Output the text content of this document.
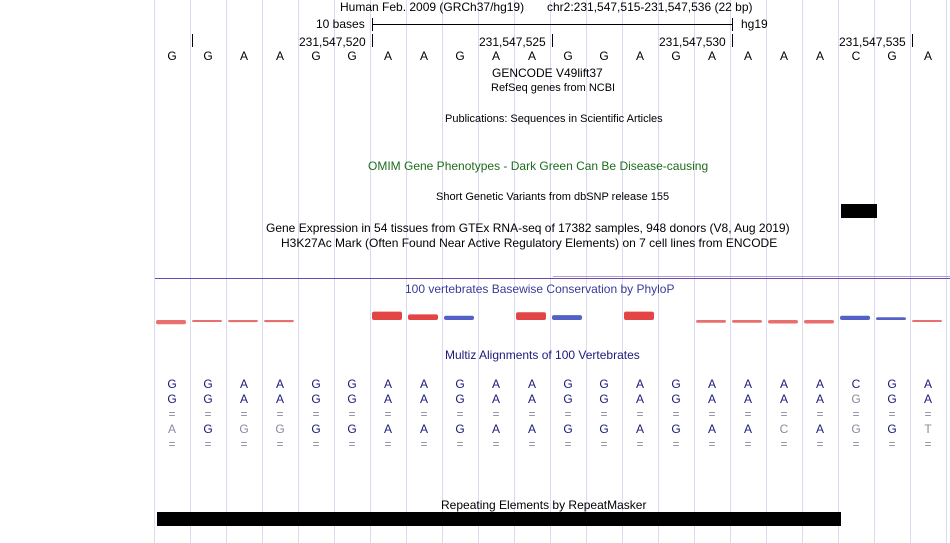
Human Feb. 2009 (GRCh37/hg19) chr2:231,547,515-231,547,536 (22 bp)
10 bases	hg19
231,547,520	231,547,525	231,547,530	231,547,535
G	G	A	A	G	G	A	A	G	A	A	G	G	A	G	A	A	A	A	C	G	A
GENCODE V49lift37
RefSeq genes from NCBI
Publications: Sequences in Scientific Articles
OMIM Gene Phenotypes - Dark Green Can Be Disease-causing
Short Genetic Variants from dbSNP release 155
Gene Expression in 54 tissues from GTEx RNA-seq of 17382 samples, 948 donors (V8, Aug 2019)
H3K27Ac Mark (Often Found Near Active Regulatory Elements) on 7 cell lines from ENCODE
100 vertebrates Basewise Conservation by PhyloP
Multiz Alignments of 100 Vertebrates
G	G	A	A	G	G	A	A	G	A	A	G	G	A	G	A	A	A	A	C	G	A
G	G	A	A	G	G	A	A	G	A	A	G	G	A	G	A	A	A	A	G	G	A
=	=	=	=	=	=	=	=	=	=	=	=	=	=	=	=	=	=	=	=	=	=
A	G	G	G	G	G	A	A	G	A	A	G	G	A	G	A	A	C	A	G	G	T
=	=	=	=	=	=	=	=	=	=	=	=	=	=	=	=	=	=	=	=	=	=
Repeating Elements by RepeatMasker
